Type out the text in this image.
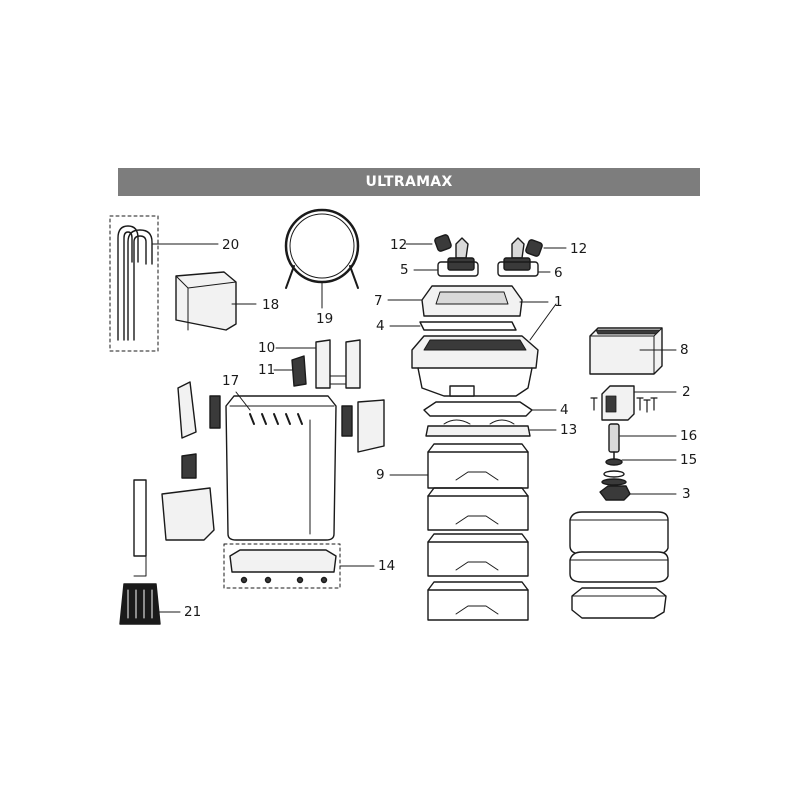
ULTRAMAX
20
18
19
12
5
12
6
7	1
4
4
13
9
8
2
16
15
3
10
11
17
14
21
